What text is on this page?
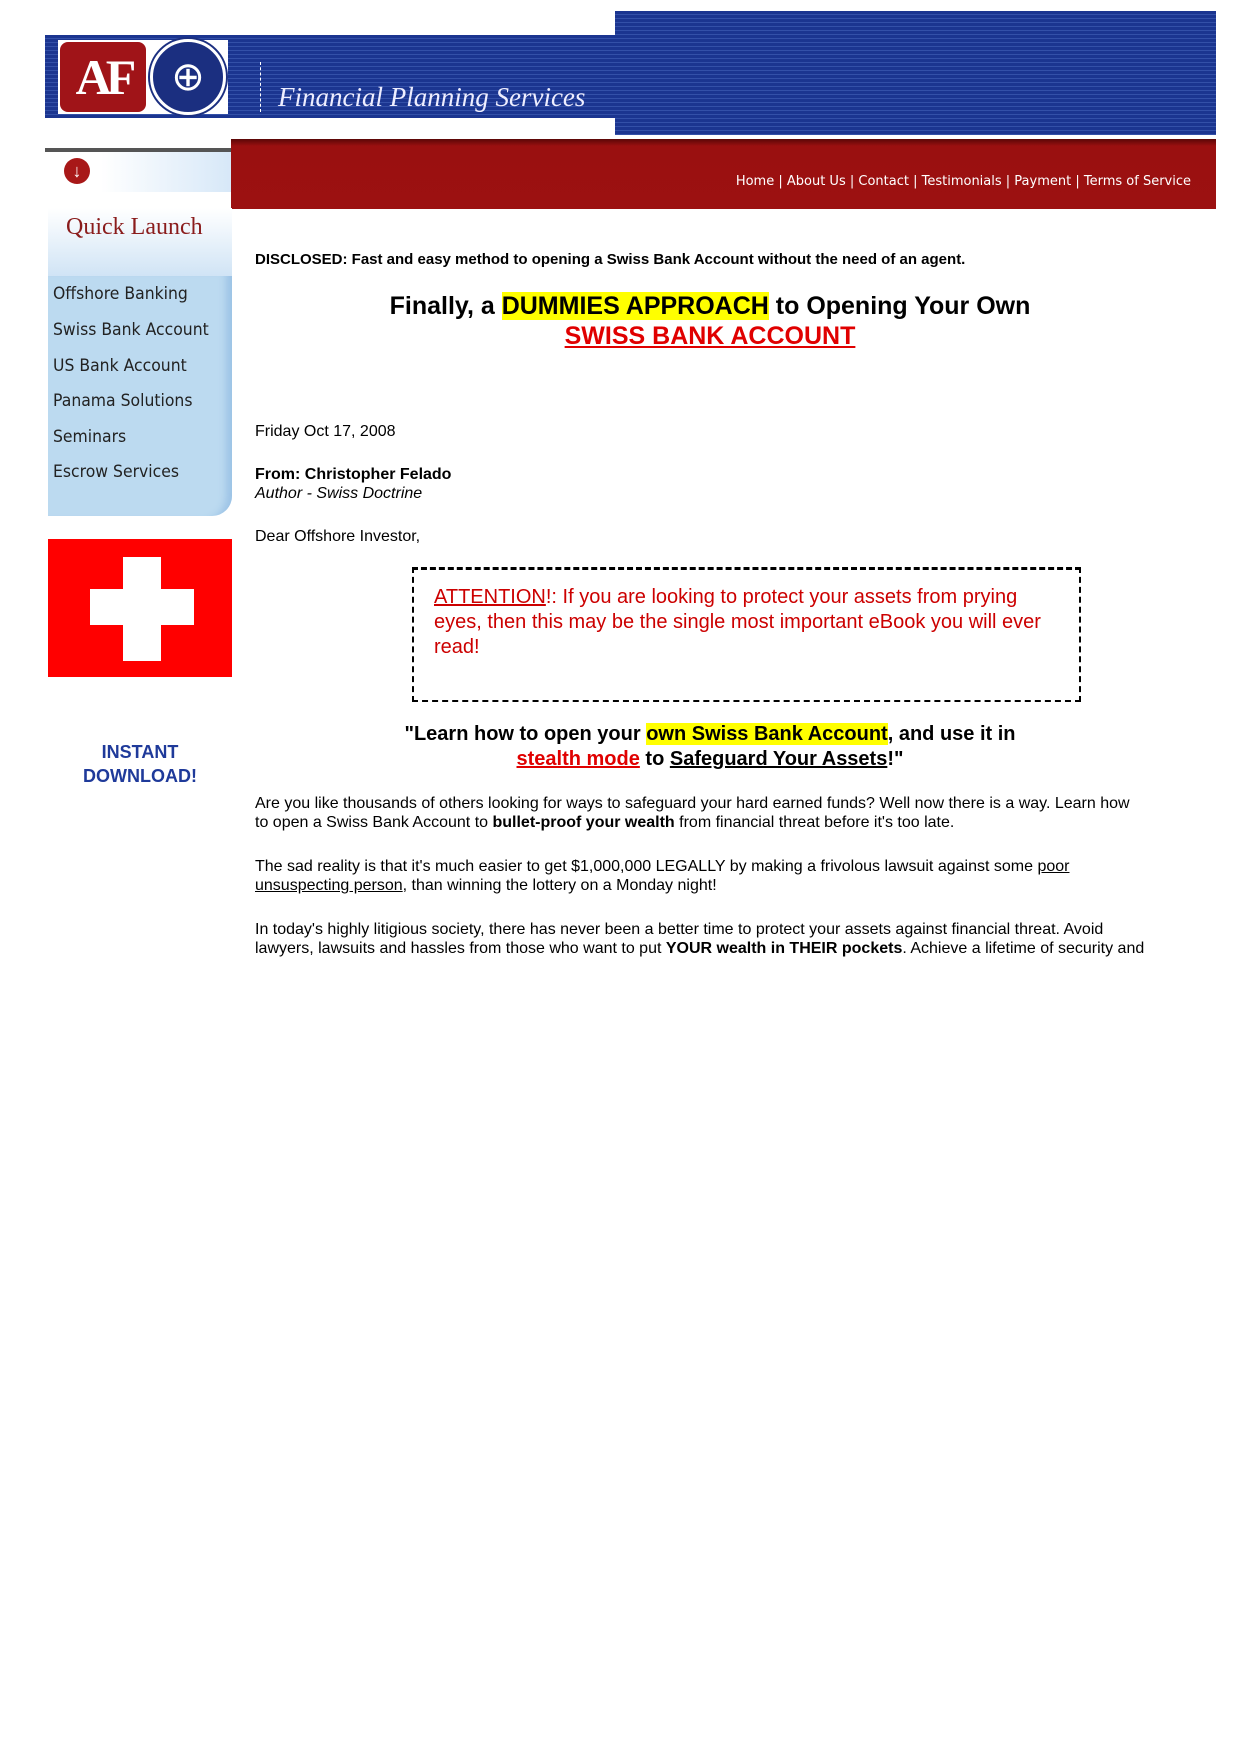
AF	⊕	Financial Planning Services
Home | About Us | Contact | Testimonials | Payment | Terms of Service
↓
Quick Launch
Offshore Banking
Swiss Bank Account
US Bank Account
Panama Solutions
Seminars
Escrow Services
INSTANT
DOWNLOAD!

DISCLOSED: Fast and easy method to opening a Swiss Bank Account without the need of an agent.

Finally, a DUMMIES APPROACH to Opening Your Own
SWISS BANK ACCOUNT

Friday Oct 17, 2008

From: Christopher Felado

Author - Swiss Doctrine

Dear Offshore Investor,

ATTENTION!: If you are looking to protect your assets from prying eyes, then this may be the single most important eBook you will ever read!
"Learn how to open your own Swiss Bank Account, and use it in
stealth mode to Safeguard Your Assets!"

Are you like thousands of others looking for ways to safeguard your hard earned funds? Well now there is a way. Learn how to open a Swiss Bank Account to bullet-proof your wealth from financial threat before it's too late.

The sad reality is that it's much easier to get $1,000,000 LEGALLY by making a frivolous lawsuit against some poor unsuspecting person, than winning the lottery on a Monday night!

In today's highly litigious society, there has never been a better time to protect your assets against financial threat. Avoid lawyers, lawsuits and hassles from those who want to put YOUR wealth in THEIR pockets. Achieve a lifetime of security and
